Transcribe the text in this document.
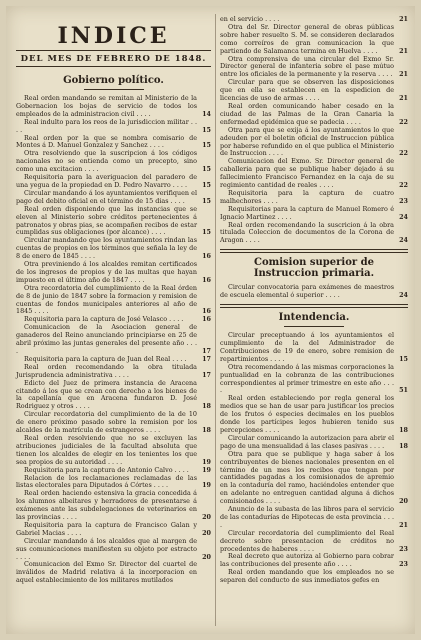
INDICE
DEL MES DE FEBRERO DE 1848.
Gobierno político.

Real orden mandando se remitan al Ministerio de la Gobernacion los bojas de servicio de todos los empleados de la administracion civil . . . .	14

Real indulto para los reos de la jurisdiccion militar . . . .	15

Real orden por la que se nombra comisario de Montes á D. Manuel Gonzalez y Sanchez . . . .	15

Otra resolviendo que la suscripcion á los códigos nacionales no se entienda como un precepto, sino como una excitacion . . . .	15

Requisitoria para la averiguacion del paradero de una yegua de la propiedad en D. Pedro Navarro . . . .	15

Circular mandando á los ayuntamientos verifiquen el pago del debito oficial en el término de 15 dias . . . .	15

Real orden disponiendo que las instancias que se eleven al Ministerio sobre créditos pertenecientes á patronatos y obras pias, se acompañen recibos de estar cumplidas sus obligaciones (por alcance) . . . .	15

Circular mandando que los ayuntamientos rindan las cuentas de propios en los términos que señala la ley de 8 de enero de 1845 . . . .	16

Otra previniendo á los alcaldes remitan certificados de los ingresos de propios y de las multas que hayan impuesto en el último año de 1847 . . . .	16

Otra recordatoria del cumplimiento de la Real órden de 8 de junio de 1847 sobre la formacion y remision de cuentas de fondos municipales anteriores al año de 1845 . . . .	16

Requisitoria para la captura de José Velasco . . . .	16

Comunicacion de la Asociacion general de ganaderos del Reino anunciando principiarse en 25 de abril próximo las juntas generales del presente año . . . .	17

Requisitoria para la captura de Juan del Real . . . .	17

Real orden recomendando la obra titulada Jurisprudencia administrativa . . . .	17

Edicto del Juez de primera instancia de Aracena citando á los que se crean con derecho a los bienes de la capellanía que en Aracena fundaron D. José Rodriguez y otros . . . .	18

Circular recordatoria del cumplimiento de la de 10 de enero próximo pasado sobre la remision por los alcaldes de la matrícula de estrangeros . . . .	18

Real orden resolviendo que no se excluyen las atribuciones judiciales de la facultad absoluta que tienen los alcaldes de elegir en los tenientes los que sea propios de su autoridad . . . .	19

Requisitoria para la captura de Antonio Calvo . . . .	19

Relacion de los reclamaciones reclamadas de las listas electorales para Diputados á Córtes . . . .	19

Real orden haciendo estensiva la gracia concedida á los alumnos albeitares y herradores de presentarse á exámenes ante las subdelegaciones de veterinarios en las provincias . . . .	20

Requisitoria para la captura de Francisco Galan y Gabriel Macias . . . .	20

Circular mandando á los alcaldes que al margen de sus comunicaciones manifiesten su objeto por estracto . . . .	20

Comunicacion del Exmo Sr. Director del cuartel de inválidos de Madrid relativa á la incorporacion en aquel establecimiento de los militares mutilados

en el servicio . . . .	21

Otra del Sr. Director general de obras públicas sobre haber resuelto S. M. se consideren declarados como correíros de gran comunicacion la que partiendo de Salamanca termina en Huelva . . . .	21

Otra comprensiva de una circular del Exmo Sr. Director general de infanteria sobre el pase mútuo entre los oficiales de la permanente y la reserva . . . .	21

Circular para que se observen las disposiciones que en ella se establecen en la espedicion de licencias de uso de armas . . . .	21

Real orden comunicando haber cesado en la ciudad de las Palmas de la Gran Canaria la enfermedad epidémica que se padecia . . . .	22

Otra para que se exija á los ayuntamientos lo que adeuden por el boletin oficial de Instruccion pública por haberse refundido en el que publica el Ministerio de Instruccion . . . .	22

Comunicacion del Exmo. Sr. Director general de caballeria para que se publique haber dejado á su fallecimiento Francisco Fernandez en la caja de su regimiento cantidad de reales . . . .	22

Requisitoria para la captura de cuatro malhechores . . . .	23

Requisitorias para la captura de Manuel Romero é Ignacio Martinez . . . .	24

Real orden recomendando la suscricion á la obra titulada Coleccion de documentos de la Corona de Aragon . . . .	24

Comision superior de Instruccion primaria.

Circular convocatoria para exámenes de maestros de escuela elemental ó superior . . . .	24

Intendencia.

Circular preceptuando á los ayuntamientos el cumplimiento de la del Administrador de Contribuciones de 19 de enero, sobre remision de repartimientos . . . .	15

Otra recomendando á las mismas corporaciones la puntualidad en la cobranza de las contribuciones correspondientes al primer trimestre en este año . . . .	51

Real orden estableciendo por regla general los medios que se han de usar para justificar los precios de los frutos ó especies decimales en los pueblos donde los partícipes legos hubieren tenido sus percepciones . . . .	18

Circular comunicando la autorizacion para abrir el pago de una mensualidad á las clases pasivas . . . .	18

Otra para que se publique y haga saber á los contribuyentes de bienes nacionales presenten en el término de un mes los recibos que tengan por cantidades pagadas a los comisionados de apremio en la contaduría del ramo, haciéndoles entender que en adelante no entreguen cantidad alguna á dichos comisionados . . . .	20

Anuncio de la subasta de las libros para el servicio de las contadurías de Hipotecas de esta provincia . . . .	21

Circular recordatoria del cumplimiento del Real decreto sobre presentacion de créditos no procedentes de haberes . . . .	23

Real decreto que autoriza al Gobierno para cobrar las contribuciones del presente año . . . .	23

Real orden mandando que los empleados no se separen del conducto de sus inmediatos gefes en
